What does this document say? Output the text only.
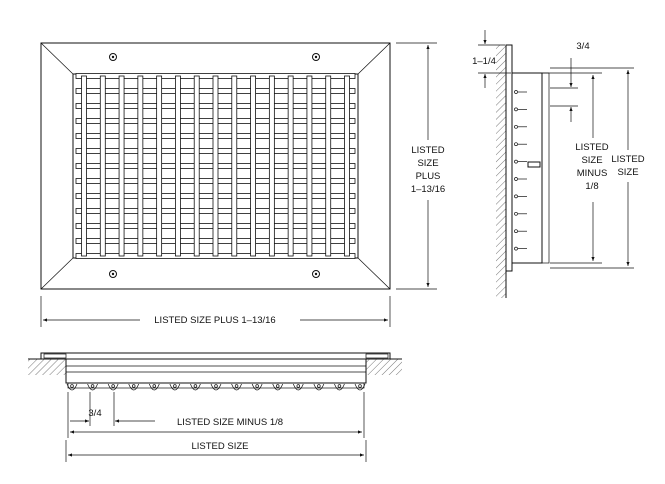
LISTED SIZE PLUS 1–13/16
LISTED
SIZE
PLUS
1–13/16
1–1/4
3/4
LISTED
SIZE
MINUS
1/8
LISTED
SIZE
3/4
LISTED SIZE MINUS 1/8
LISTED SIZE
